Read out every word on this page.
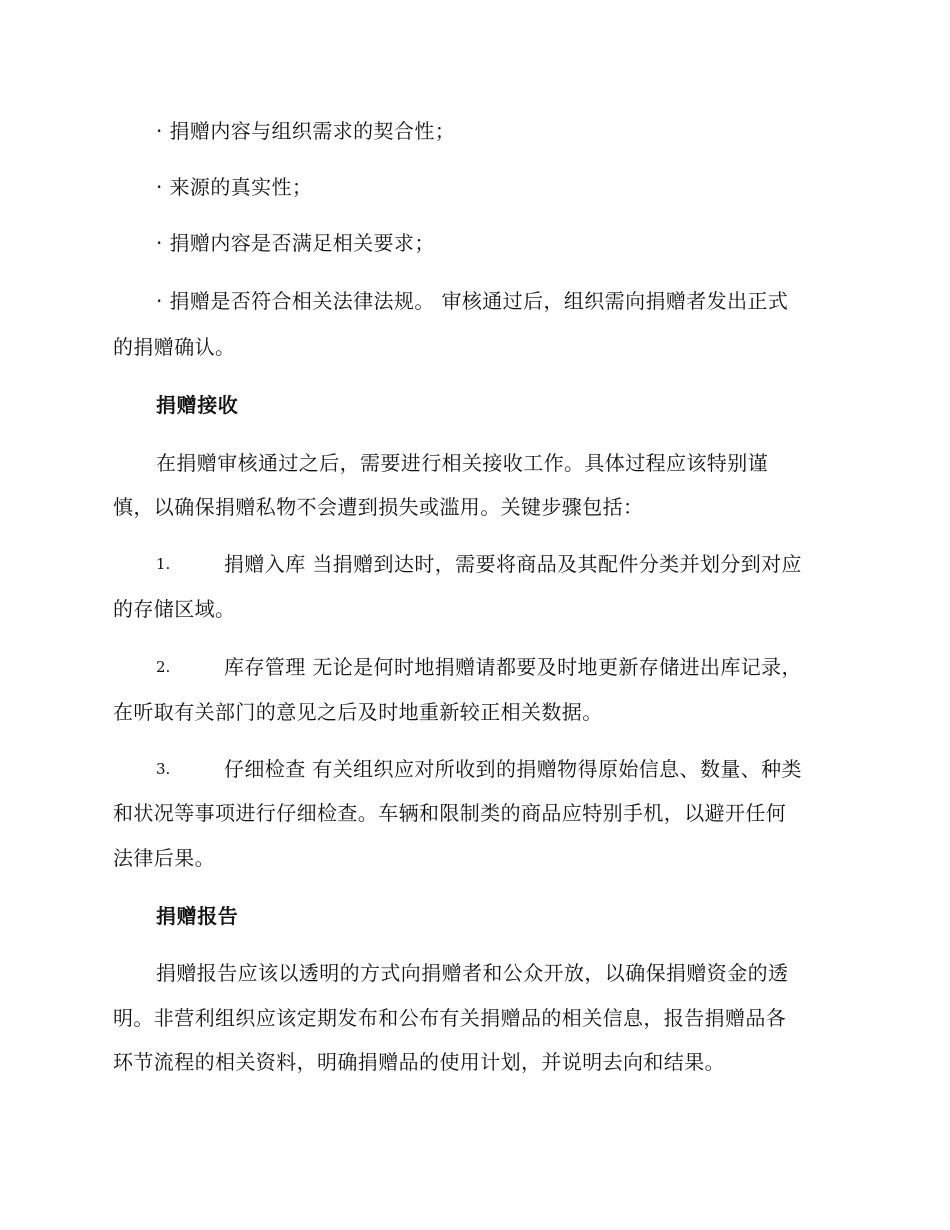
· 捐赠内容与组织需求的契合性；
· 来源的真实性；
· 捐赠内容是否满足相关要求；
· 捐赠是否符合相关法律法规。 审核通过后，组织需向捐赠者发出正式
的捐赠确认。
捐赠接收
在捐赠审核通过之后，需要进行相关接收工作。具体过程应该特别谨
慎，以确保捐赠私物不会遭到损失或滥用。关键步骤包括：
1.	捐赠入库 当捐赠到达时，需要将商品及其配件分类并划分到对应
的存储区域。
2.	库存管理 无论是何时地捐赠请都要及时地更新存储进出库记录，
在听取有关部门的意见之后及时地重新较正相关数据。
3.	仔细检查 有关组织应对所收到的捐赠物得原始信息、数量、种类
和状况等事项进行仔细检查。车辆和限制类的商品应特别手机，以避开任何
法律后果。
捐赠报告
捐赠报告应该以透明的方式向捐赠者和公众开放，以确保捐赠资金的透
明。非营利组织应该定期发布和公布有关捐赠品的相关信息，报告捐赠品各
环节流程的相关资料，明确捐赠品的使用计划，并说明去向和结果。
